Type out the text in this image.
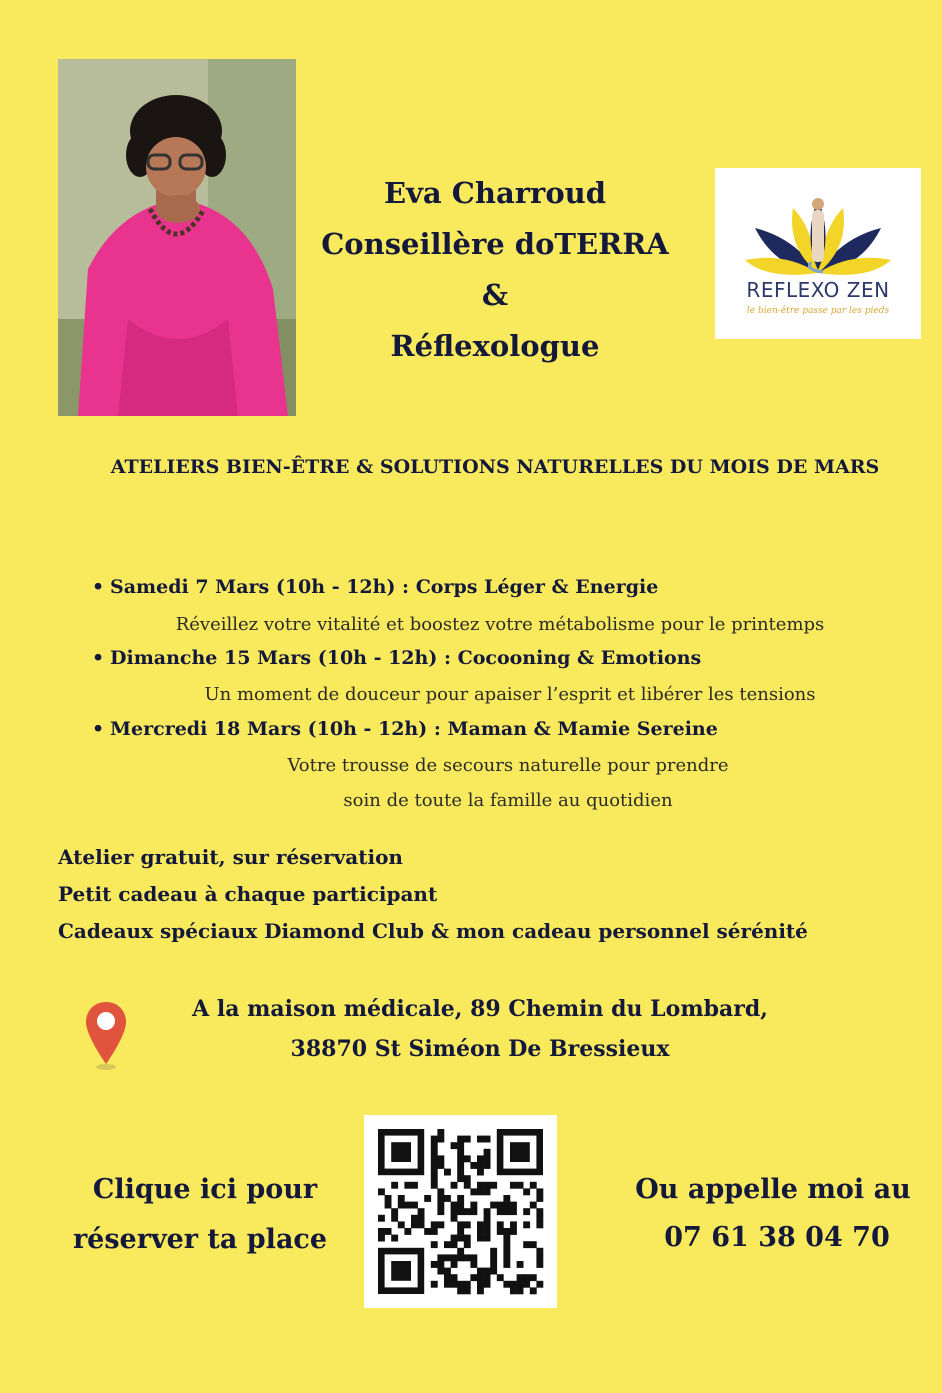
Eva Charroud
Conseillère doTERRA
&
Réflexologue
REFLEXO ZEN
le bien-être passe par les pieds
ATELIERS BIEN-ÊTRE & SOLUTIONS NATURELLES DU MOIS DE MARS
• Samedi 7 Mars (10h - 12h) : Corps Léger & Energie
Réveillez votre vitalité et boostez votre métabolisme pour le printemps
• Dimanche 15 Mars (10h - 12h) : Cocooning & Emotions
Un moment de douceur pour apaiser l’esprit et libérer les tensions
• Mercredi 18 Mars (10h - 12h) : Maman & Mamie Sereine
Votre trousse de secours naturelle pour prendre
soin de toute la famille au quotidien
Atelier gratuit, sur réservation
Petit cadeau à chaque participant
Cadeaux spéciaux Diamond Club & mon cadeau personnel sérénité
A la maison médicale, 89 Chemin du Lombard,
38870 St Siméon De Bressieux
Clique ici pour
réserver ta place
Ou appelle moi au
07 61 38 04 70
